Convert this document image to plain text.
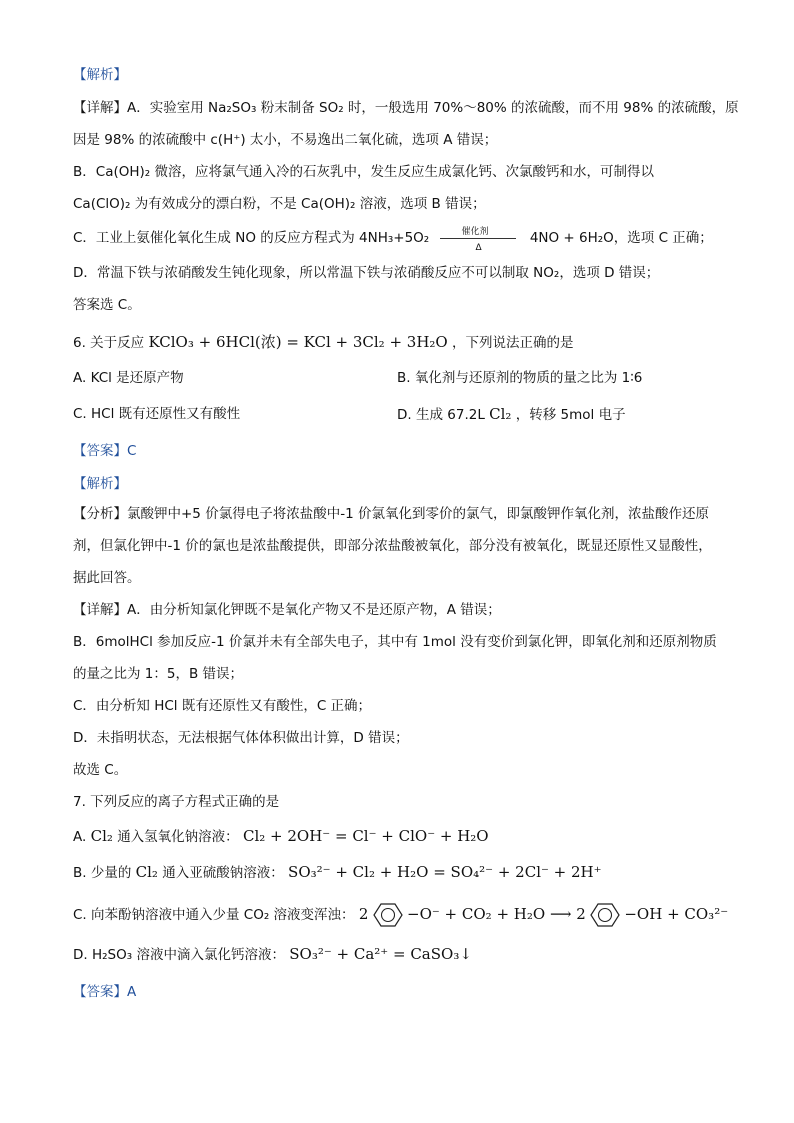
【解析】
【详解】A．实验室用 Na₂SO₃ 粉末制备 SO₂ 时，一般选用 70%～80% 的浓硫酸，而不用 98% 的浓硫酸，原
因是 98% 的浓硫酸中 c(H⁺) 太小，不易逸出二氧化硫，选项 A 错误；
B．Ca(OH)₂ 微溶，应将氯气通入冷的石灰乳中，发生反应生成氯化钙、次氯酸钙和水，可制得以
Ca(ClO)₂ 为有效成分的漂白粉，不是 Ca(OH)₂ 溶液，选项 B 错误；
C．工业上氨催化氧化生成 NO 的反应方程式为 4NH₃+5O₂	催化剂
Δ
4NO + 6H₂O，选项 C 正确；
D．常温下铁与浓硝酸发生钝化现象，所以常温下铁与浓硝酸反应不可以制取 NO₂，选项 D 错误；
答案选 C。
6. 关于反应 KClO₃ + 6HCl(浓) = KCl + 3Cl₂ + 3H₂O ，下列说法正确的是
A. KCl 是还原产物	B. 氧化剂与还原剂的物质的量之比为 1∶6
C. HCl 既有还原性又有酸性	D. 生成 67.2L Cl₂ ，转移 5mol 电子
【答案】C
【解析】
【分析】氯酸钾中+5 价氯得电子将浓盐酸中-1 价氯氧化到零价的氯气，即氯酸钾作氧化剂，浓盐酸作还原
剂，但氯化钾中-1 价的氯也是浓盐酸提供，即部分浓盐酸被氧化，部分没有被氧化，既显还原性又显酸性，
据此回答。
【详解】A．由分析知氯化钾既不是氧化产物又不是还原产物，A 错误；
B．6molHCl 参加反应-1 价氯并未有全部失电子，其中有 1mol 没有变价到氯化钾，即氧化剂和还原剂物质
的量之比为 1：5，B 错误；
C．由分析知 HCl 既有还原性又有酸性，C 正确；
D．未指明状态，无法根据气体体积做出计算，D 错误；
故选 C。
7. 下列反应的离子方程式正确的是
A. Cl₂ 通入氢氧化钠溶液： Cl₂ + 2OH⁻ = Cl⁻ + ClO⁻ + H₂O
B. 少量的 Cl₂ 通入亚硫酸钠溶液： SO₃²⁻ + Cl₂ + H₂O = SO₄²⁻ + 2Cl⁻ + 2H⁺
C. 向苯酚钠溶液中通入少量 CO₂ 溶液变浑浊： 2	−O⁻ + CO₂ + H₂O ⟶ 2	−OH + CO₃²⁻
D. H₂SO₃ 溶液中滴入氯化钙溶液： SO₃²⁻ + Ca²⁺ = CaSO₃↓
【答案】A
